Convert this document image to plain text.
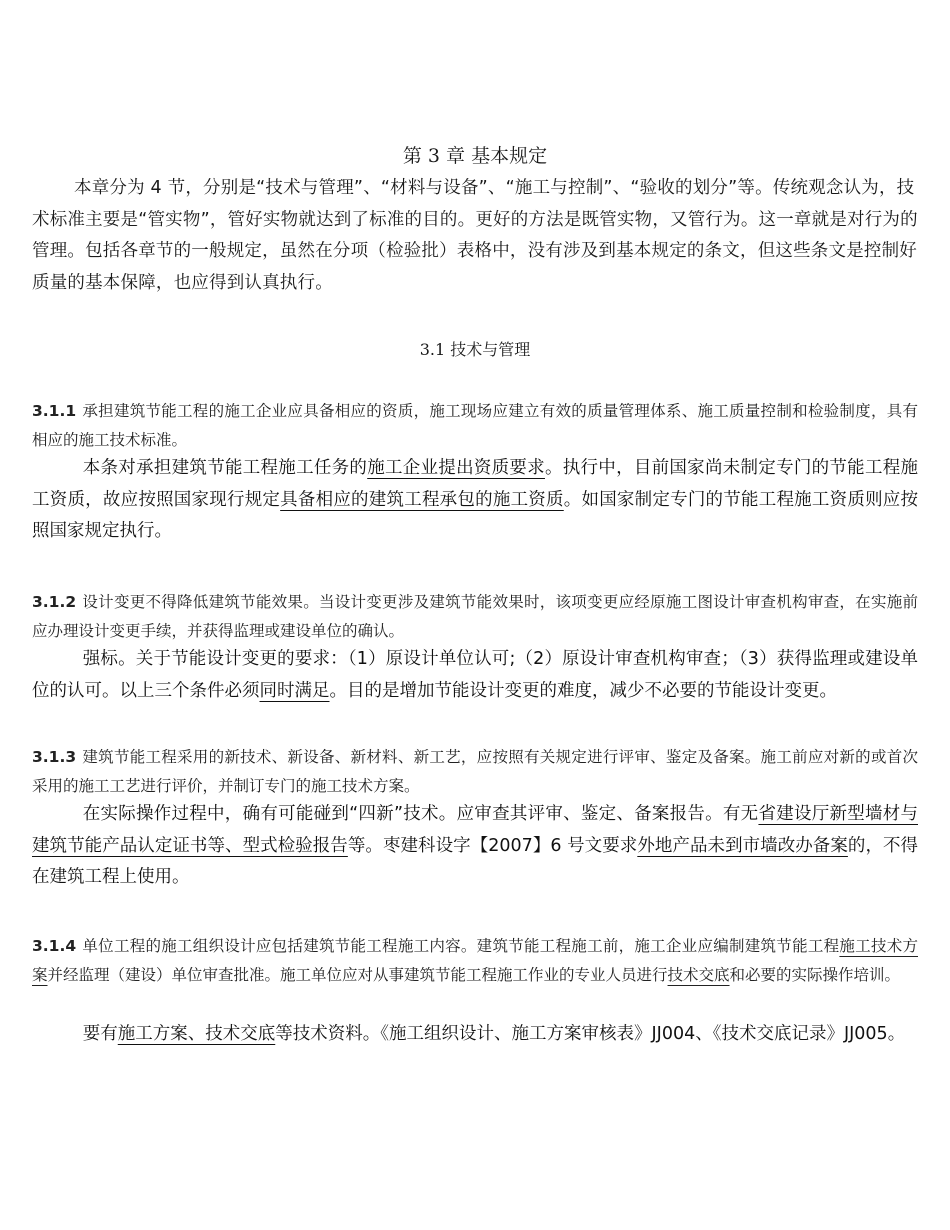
第 3 章 基本规定
本章分为 4 节，分别是“技术与管理”、“材料与设备”、“施工与控制”、“验收的划分”等。传统观念认为，技术标准主要是“管实物”，管好实物就达到了标准的目的。更好的方法是既管实物，又管行为。这一章就是对行为的管理。包括各章节的一般规定，虽然在分项（检验批）表格中，没有涉及到基本规定的条文，但这些条文是控制好质量的基本保障，也应得到认真执行。
3.1 技术与管理
3.1.1 承担建筑节能工程的施工企业应具备相应的资质，施工现场应建立有效的质量管理体系、施工质量控制和检验制度，具有相应的施工技术标准。
本条对承担建筑节能工程施工任务的施工企业提出资质要求。执行中，目前国家尚未制定专门的节能工程施工资质，故应按照国家现行规定具备相应的建筑工程承包的施工资质。如国家制定专门的节能工程施工资质则应按照国家规定执行。
3.1.2 设计变更不得降低建筑节能效果。当设计变更涉及建筑节能效果时，该项变更应经原施工图设计审查机构审查，在实施前应办理设计变更手续，并获得监理或建设单位的确认。
强标。关于节能设计变更的要求：（1）原设计单位认可;（2）原设计审查机构审查；（3）获得监理或建设单位的认可。以上三个条件必须同时满足。目的是增加节能设计变更的难度，减少不必要的节能设计变更。
3.1.3 建筑节能工程采用的新技术、新设备、新材料、新工艺，应按照有关规定进行评审、鉴定及备案。施工前应对新的或首次采用的施工工艺进行评价，并制订专门的施工技术方案。
在实际操作过程中，确有可能碰到“四新”技术。应审查其评审、鉴定、备案报告。有无省建设厅新型墙材与建筑节能产品认定证书等、型式检验报告等。枣建科设字【2007】6 号文要求外地产品未到市墙改办备案的，不得在建筑工程上使用。
3.1.4 单位工程的施工组织设计应包括建筑节能工程施工内容。建筑节能工程施工前，施工企业应编制建筑节能工程施工技术方案并经监理（建设）单位审查批准。施工单位应对从事建筑节能工程施工作业的专业人员进行技术交底和必要的实际操作培训。
要有施工方案、技术交底等技术资料。《施工组织设计、施工方案审核表》JJ004、《技术交底记录》JJ005。
